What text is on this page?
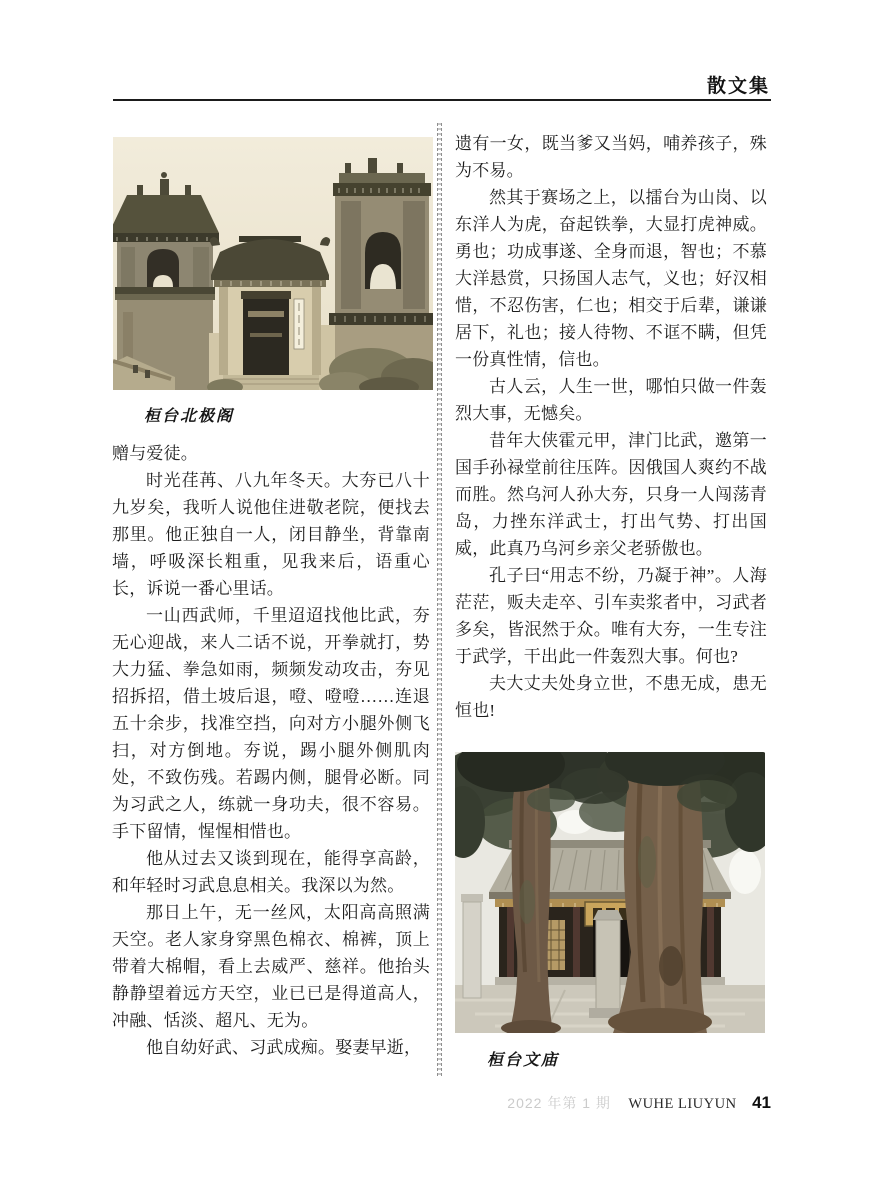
散文集
桓台北极阁

赠与爱徒。

时光荏苒、八九年冬天。大夯已八十九岁矣，我听人说他住进敬老院，便找去那里。他正独自一人，闭目静坐，背靠南墙，呼吸深长粗重，见我来后，语重心长，诉说一番心里话。

一山西武师，千里迢迢找他比武，夯无心迎战，来人二话不说，开拳就打，势大力猛、拳急如雨，频频发动攻击，夯见招拆招，借土坡后退，噔、噔噔……连退五十余步，找准空挡，向对方小腿外侧飞扫，对方倒地。夯说，踢小腿外侧肌肉处，不致伤残。若踢内侧，腿骨必断。同为习武之人，练就一身功夫，很不容易。手下留情，惺惺相惜也。

他从过去又谈到现在，能得享高龄，和年轻时习武息息相关。我深以为然。

那日上午，无一丝风，太阳高高照满天空。老人家身穿黑色棉衣、棉裤，顶上带着大棉帽，看上去威严、慈祥。他抬头静静望着远方天空，业已已是得道高人，冲融、恬淡、超凡、无为。

他自幼好武、习武成痴。娶妻早逝，

遗有一女，既当爹又当妈，哺养孩子，殊为不易。

然其于赛场之上，以擂台为山岗、以东洋人为虎，奋起铁拳，大显打虎神威。勇也；功成事遂、全身而退，智也；不慕大洋悬赏，只扬国人志气，义也；好汉相惜，不忍伤害，仁也；相交于后辈，谦谦居下，礼也；接人待物、不诓不瞒，但凭一份真性情，信也。

古人云，人生一世，哪怕只做一件轰烈大事，无憾矣。

昔年大侠霍元甲，津门比武，邀第一国手孙禄堂前往压阵。因俄国人爽约不战而胜。然乌河人孙大夯，只身一人闯荡青岛，力挫东洋武士，打出气势、打出国威，此真乃乌河乡亲父老骄傲也。

孔子曰“用志不纷，乃凝于神”。人海茫茫，贩夫走卒、引车卖浆者中，习武者多矣，皆泯然于众。唯有大夯，一生专注于武学，干出此一件轰烈大事。何也?

夫大丈夫处身立世，不患无成，患无恒也!

桓台文庙
2022 年第 1 期 WUHE LIUYUN 41
